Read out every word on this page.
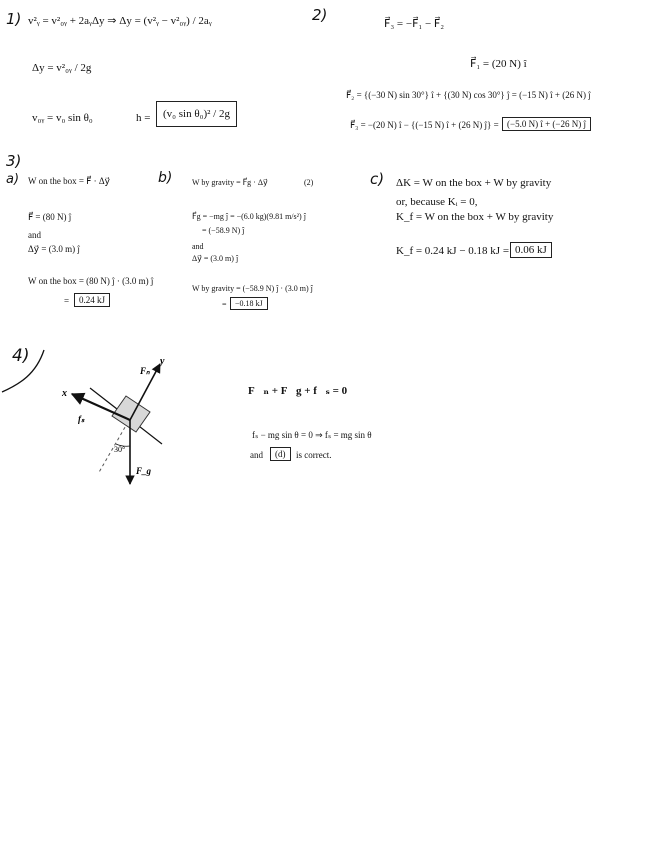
1) v²ᵧ = v²₀ᵧ + 2aᵧΔy ⇒ Δy = (v²ᵧ − v²₀ᵧ) / 2aᵧ
Δy = v²₀ᵧ / 2g
v₀ᵧ = v₀ sin θ₀	h =	(v₀ sin θ₀)² / 2g
2)	F⃗₃ = −F⃗₁ − F⃗₂
F⃗₁ = (20 N) î
F⃗₂ = {(−30 N) sin 30°} î + {(30 N) cos 30°} ĵ = (−15 N) î + (26 N) ĵ
F⃗₃ = −(20 N) î − {(−15 N) î + (26 N) ĵ} = (−5.0 N) î + (−26 N) ĵ
3)
a) W on the box = F⃗ · Δy⃗
F⃗ = (80 N) ĵ
and
Δy⃗ = (3.0 m) ĵ
W on the box = (80 N) ĵ · (3.0 m) ĵ
=	0.24 kJ
b) W by gravity = F⃗g · Δy⃗	(2)
F⃗g = −mg ĵ = −(6.0 kg)(9.81 m/s²) ĵ
= (−58.9 N) ĵ
and
Δy⃗ = (3.0 m) ĵ
W by gravity = (−58.9 N) ĵ · (3.0 m) ĵ
=	−0.18 kJ
c) ΔK = W on the box + W by gravity
or, because Kᵢ = 0,
K_f = W on the box + W by gravity
K_f = 0.24 kJ − 0.18 kJ = 0.06 kJ
4)
x
y
Fₙ
fₛ
F_g
30°
F⃗ₙ + F⃗g + f⃗ₛ = 0
fₛ − mg sin θ = 0 ⇒ fₛ = mg sin θ
and	(d)	is correct.
